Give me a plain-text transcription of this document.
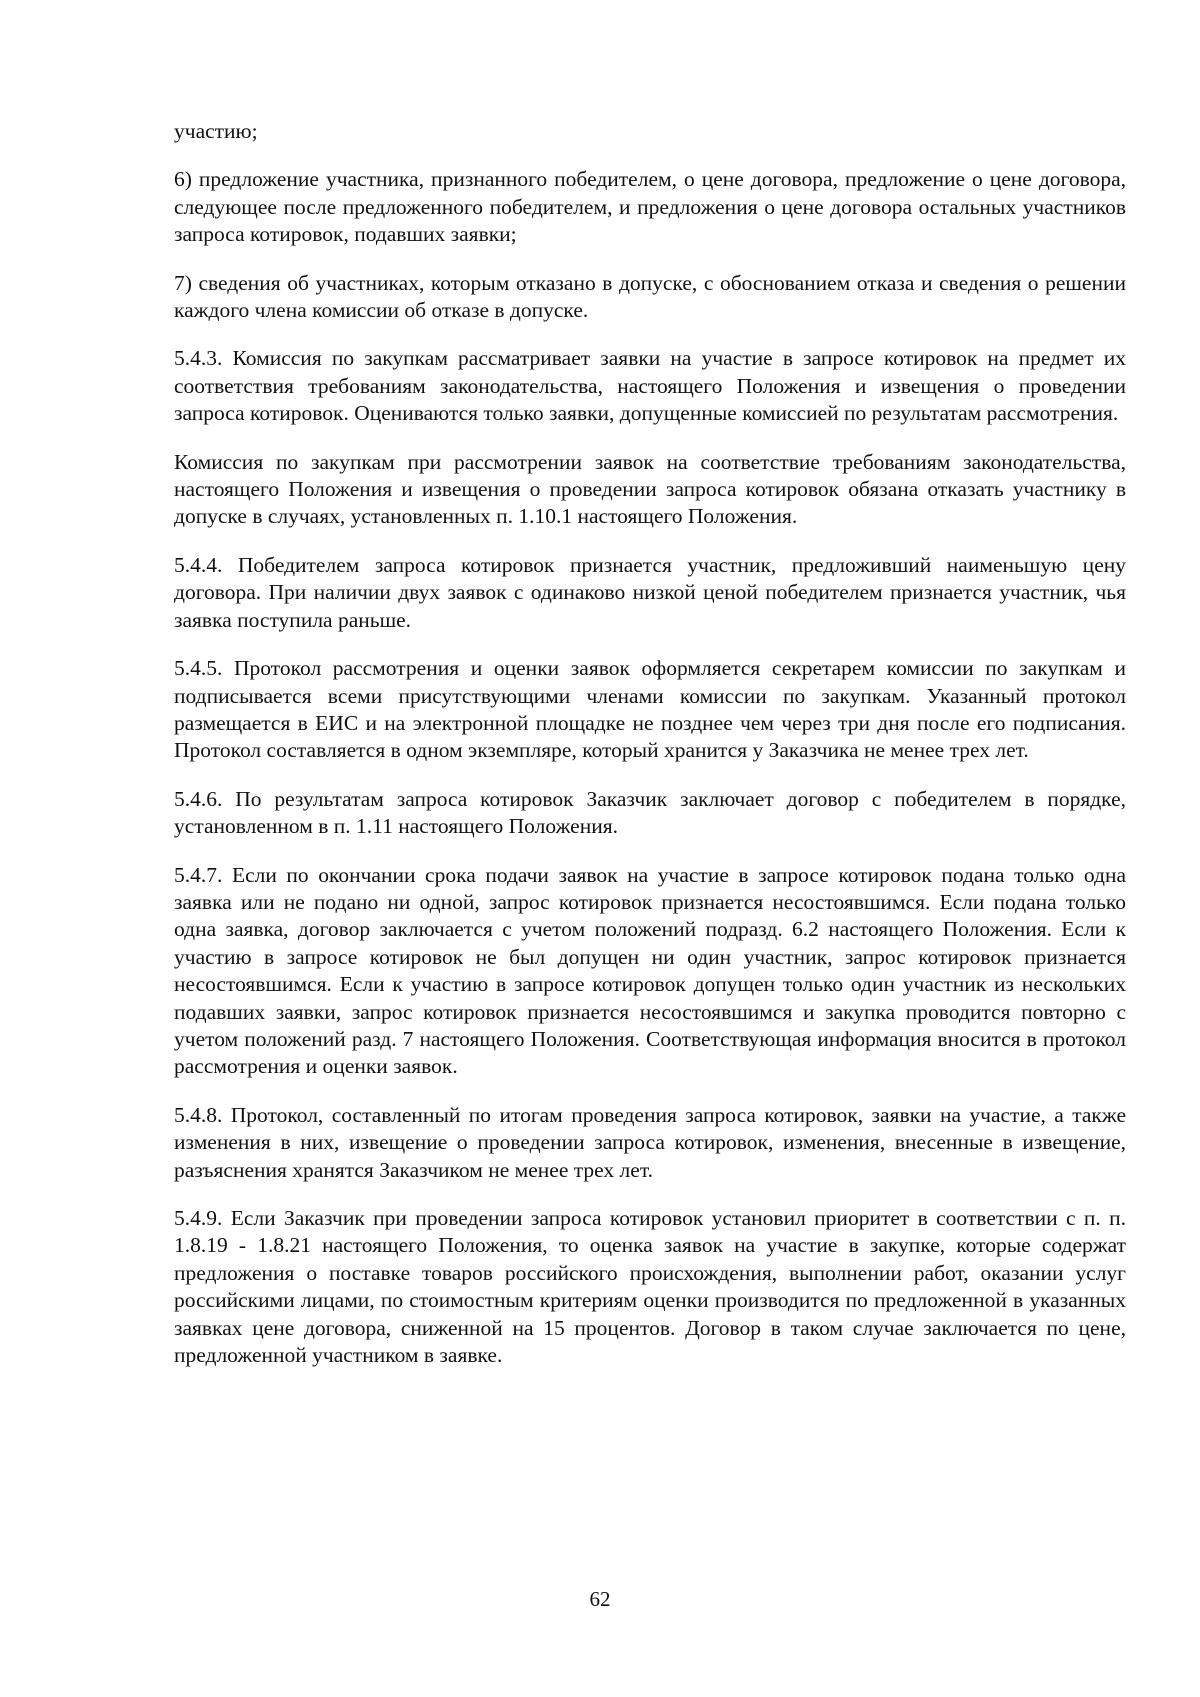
участию;

6) предложение участника, признанного победителем, о цене договора, предложение о цене договора, следующее после предложенного победителем, и предложения о цене договора остальных участников запроса котировок, подавших заявки;

7) сведения об участниках, которым отказано в допуске, с обоснованием отказа и сведения о решении каждого члена комиссии об отказе в допуске.

5.4.3. Комиссия по закупкам рассматривает заявки на участие в запросе котировок на предмет их соответствия требованиям законодательства, настоящего Положения и извещения о проведении запроса котировок. Оцениваются только заявки, допущенные комиссией по результатам рассмотрения.

Комиссия по закупкам при рассмотрении заявок на соответствие требованиям законодательства, настоящего Положения и извещения о проведении запроса котировок обязана отказать участнику в допуске в случаях, установленных п. 1.10.1 настоящего Положения.

5.4.4. Победителем запроса котировок признается участник, предложивший наименьшую цену договора. При наличии двух заявок с одинаково низкой ценой победителем признается участник, чья заявка поступила раньше.

5.4.5. Протокол рассмотрения и оценки заявок оформляется секретарем комиссии по закупкам и подписывается всеми присутствующими членами комиссии по закупкам. Указанный протокол размещается в ЕИС и на электронной площадке не позднее чем через три дня после его подписания. Протокол составляется в одном экземпляре, который хранится у Заказчика не менее трех лет.

5.4.6. По результатам запроса котировок Заказчик заключает договор с победителем в порядке, установленном в п. 1.11 настоящего Положения.

5.4.7. Если по окончании срока подачи заявок на участие в запросе котировок подана только одна заявка или не подано ни одной, запрос котировок признается несостоявшимся. Если подана только одна заявка, договор заключается с учетом положений подразд. 6.2 настоящего Положения. Если к участию в запросе котировок не был допущен ни один участник, запрос котировок признается несостоявшимся. Если к участию в запросе котировок допущен только один участник из нескольких подавших заявки, запрос котировок признается несостоявшимся и закупка проводится повторно с учетом положений разд. 7 настоящего Положения. Соответствующая информация вносится в протокол рассмотрения и оценки заявок.

5.4.8. Протокол, составленный по итогам проведения запроса котировок, заявки на участие, а также изменения в них, извещение о проведении запроса котировок, изменения, внесенные в извещение, разъяснения хранятся Заказчиком не менее трех лет.

5.4.9. Если Заказчик при проведении запроса котировок установил приоритет в соответствии с п. п. 1.8.19 - 1.8.21 настоящего Положения, то оценка заявок на участие в закупке, которые содержат предложения о поставке товаров российского происхождения, выполнении работ, оказании услуг российскими лицами, по стоимостным критериям оценки производится по предложенной в указанных заявках цене договора, сниженной на 15 процентов. Договор в таком случае заключается по цене, предложенной участником в заявке.

62
